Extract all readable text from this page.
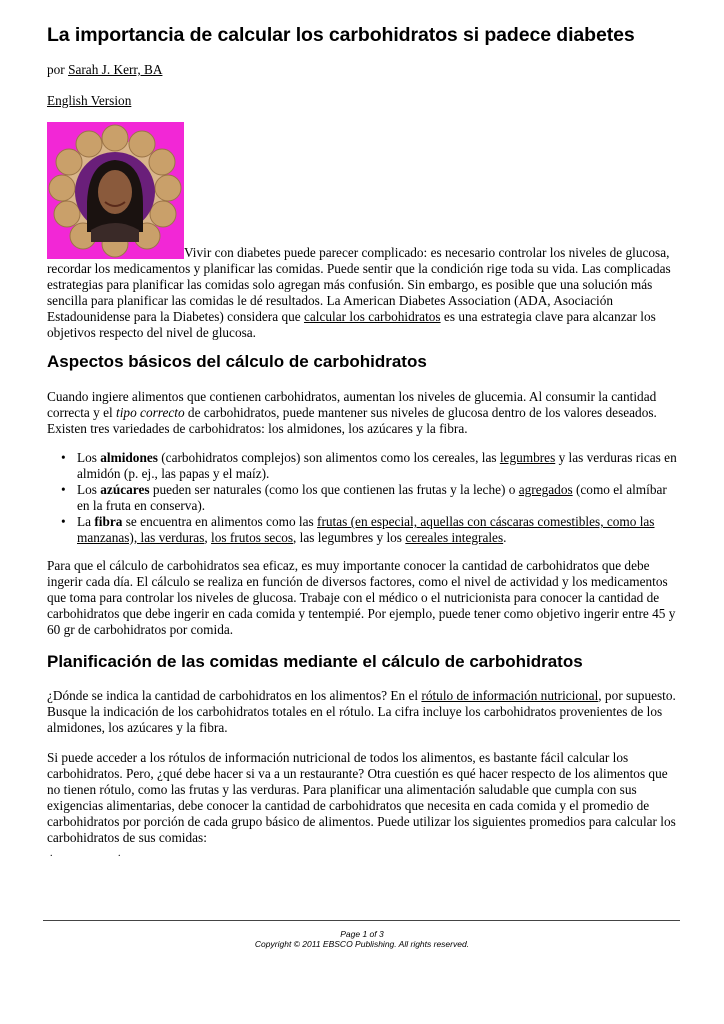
La importancia de calcular los carbohidratos si padece diabetes

por Sarah J. Kerr, BA

English Version

Vivir con diabetes puede parecer complicado: es necesario controlar los niveles de glucosa, recordar los medicamentos y planificar las comidas. Puede sentir que la condición rige toda su vida. Las complicadas estrategias para planificar las comidas solo agregan más confusión. Sin embargo, es posible que una solución más sencilla para planificar las comidas le dé resultados. La American Diabetes Association (ADA, Asociación Estadounidense para la Diabetes) considera que calcular los carbohidratos es una estrategia clave para alcanzar los objetivos respecto del nivel de glucosa.

Aspectos básicos del cálculo de carbohidratos

Cuando ingiere alimentos que contienen carbohidratos, aumentan los niveles de glucemia. Al consumir la cantidad correcta y el tipo correcto de carbohidratos, puede mantener sus niveles de glucosa dentro de los valores deseados. Existen tres variedades de carbohidratos: los almidones, los azúcares y la fibra.

• Los almidones (carbohidratos complejos) son alimentos como los cereales, las legumbres y las verduras ricas en almidón (p. ej., las papas y el maíz).
• Los azúcares pueden ser naturales (como los que contienen las frutas y la leche) o agregados (como el almíbar en la fruta en conserva).
• La fibra se encuentra en alimentos como las frutas (en especial, aquellas con cáscaras comestibles, como las manzanas), las verduras, los frutos secos, las legumbres y los cereales integrales.

Para que el cálculo de carbohidratos sea eficaz, es muy importante conocer la cantidad de carbohidratos que debe ingerir cada día. El cálculo se realiza en función de diversos factores, como el nivel de actividad y los medicamentos que toma para controlar los niveles de glucosa. Trabaje con el médico o el nutricionista para conocer la cantidad de carbohidratos que debe ingerir en cada comida y tentempié. Por ejemplo, puede tener como objetivo ingerir entre 45 y 60 gr de carbohidratos por comida.

Planificación de las comidas mediante el cálculo de carbohidratos

¿Dónde se indica la cantidad de carbohidratos en los alimentos? En el rótulo de información nutricional, por supuesto. Busque la indicación de los carbohidratos totales en el rótulo. La cifra incluye los carbohidratos provenientes de los almidones, los azúcares y la fibra.

Si puede acceder a los rótulos de información nutricional de todos los alimentos, es bastante fácil calcular los carbohidratos. Pero, ¿qué debe hacer si va a un restaurante? Otra cuestión es qué hacer respecto de los alimentos que no tienen rótulo, como las frutas y las verduras. Para planificar una alimentación saludable que cumpla con sus exigencias alimentarias, debe conocer la cantidad de carbohidratos que necesita en cada comida y el promedio de carbohidratos por porción de cada grupo básico de alimentos. Puede utilizar los siguientes promedios para calcular los carbohidratos de sus comidas:

.	.
Page 1 of 3
Copyright © 2011 EBSCO Publishing. All rights reserved.
